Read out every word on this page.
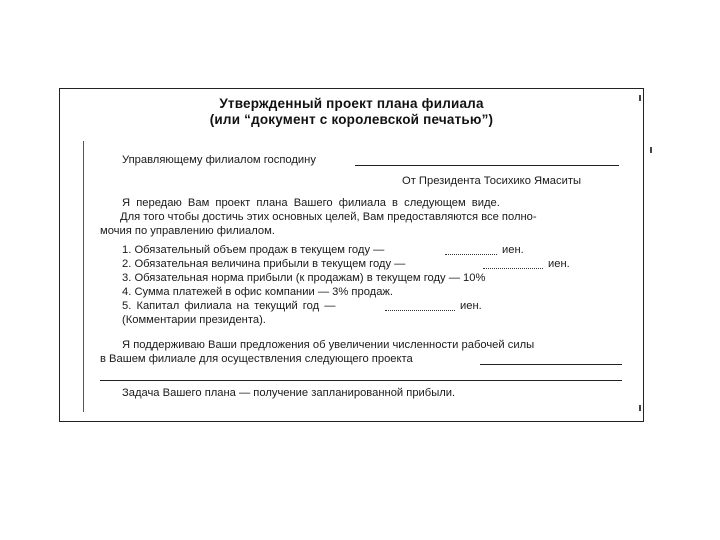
Утвержденный проект плана филиала
(или “документ с королевской печатью”)
Управляющему филиалом господину
От Президента Тосихико Ямаситы
Я передаю Вам проект плана Вашего филиала в следующем виде.
Для того чтобы достичь этих основных целей, Вам предоставляются все полно-
мочия по управлению филиалом.
1. Обязательный объем продаж в текущем году —	иен.
2. Обязательная величина прибыли в текущем году —	иен.
3. Обязательная норма прибыли (к продажам) в текущем году — 10%
4. Сумма платежей в офис компании — 3% продаж.
5. Капитал филиала на текущий год —	иен.
(Комментарии президента).
Я поддерживаю Ваши предложения об увеличении численности рабочей силы
в Вашем филиале для осуществления следующего проекта
Задача Вашего плана — получение запланированной прибыли.
